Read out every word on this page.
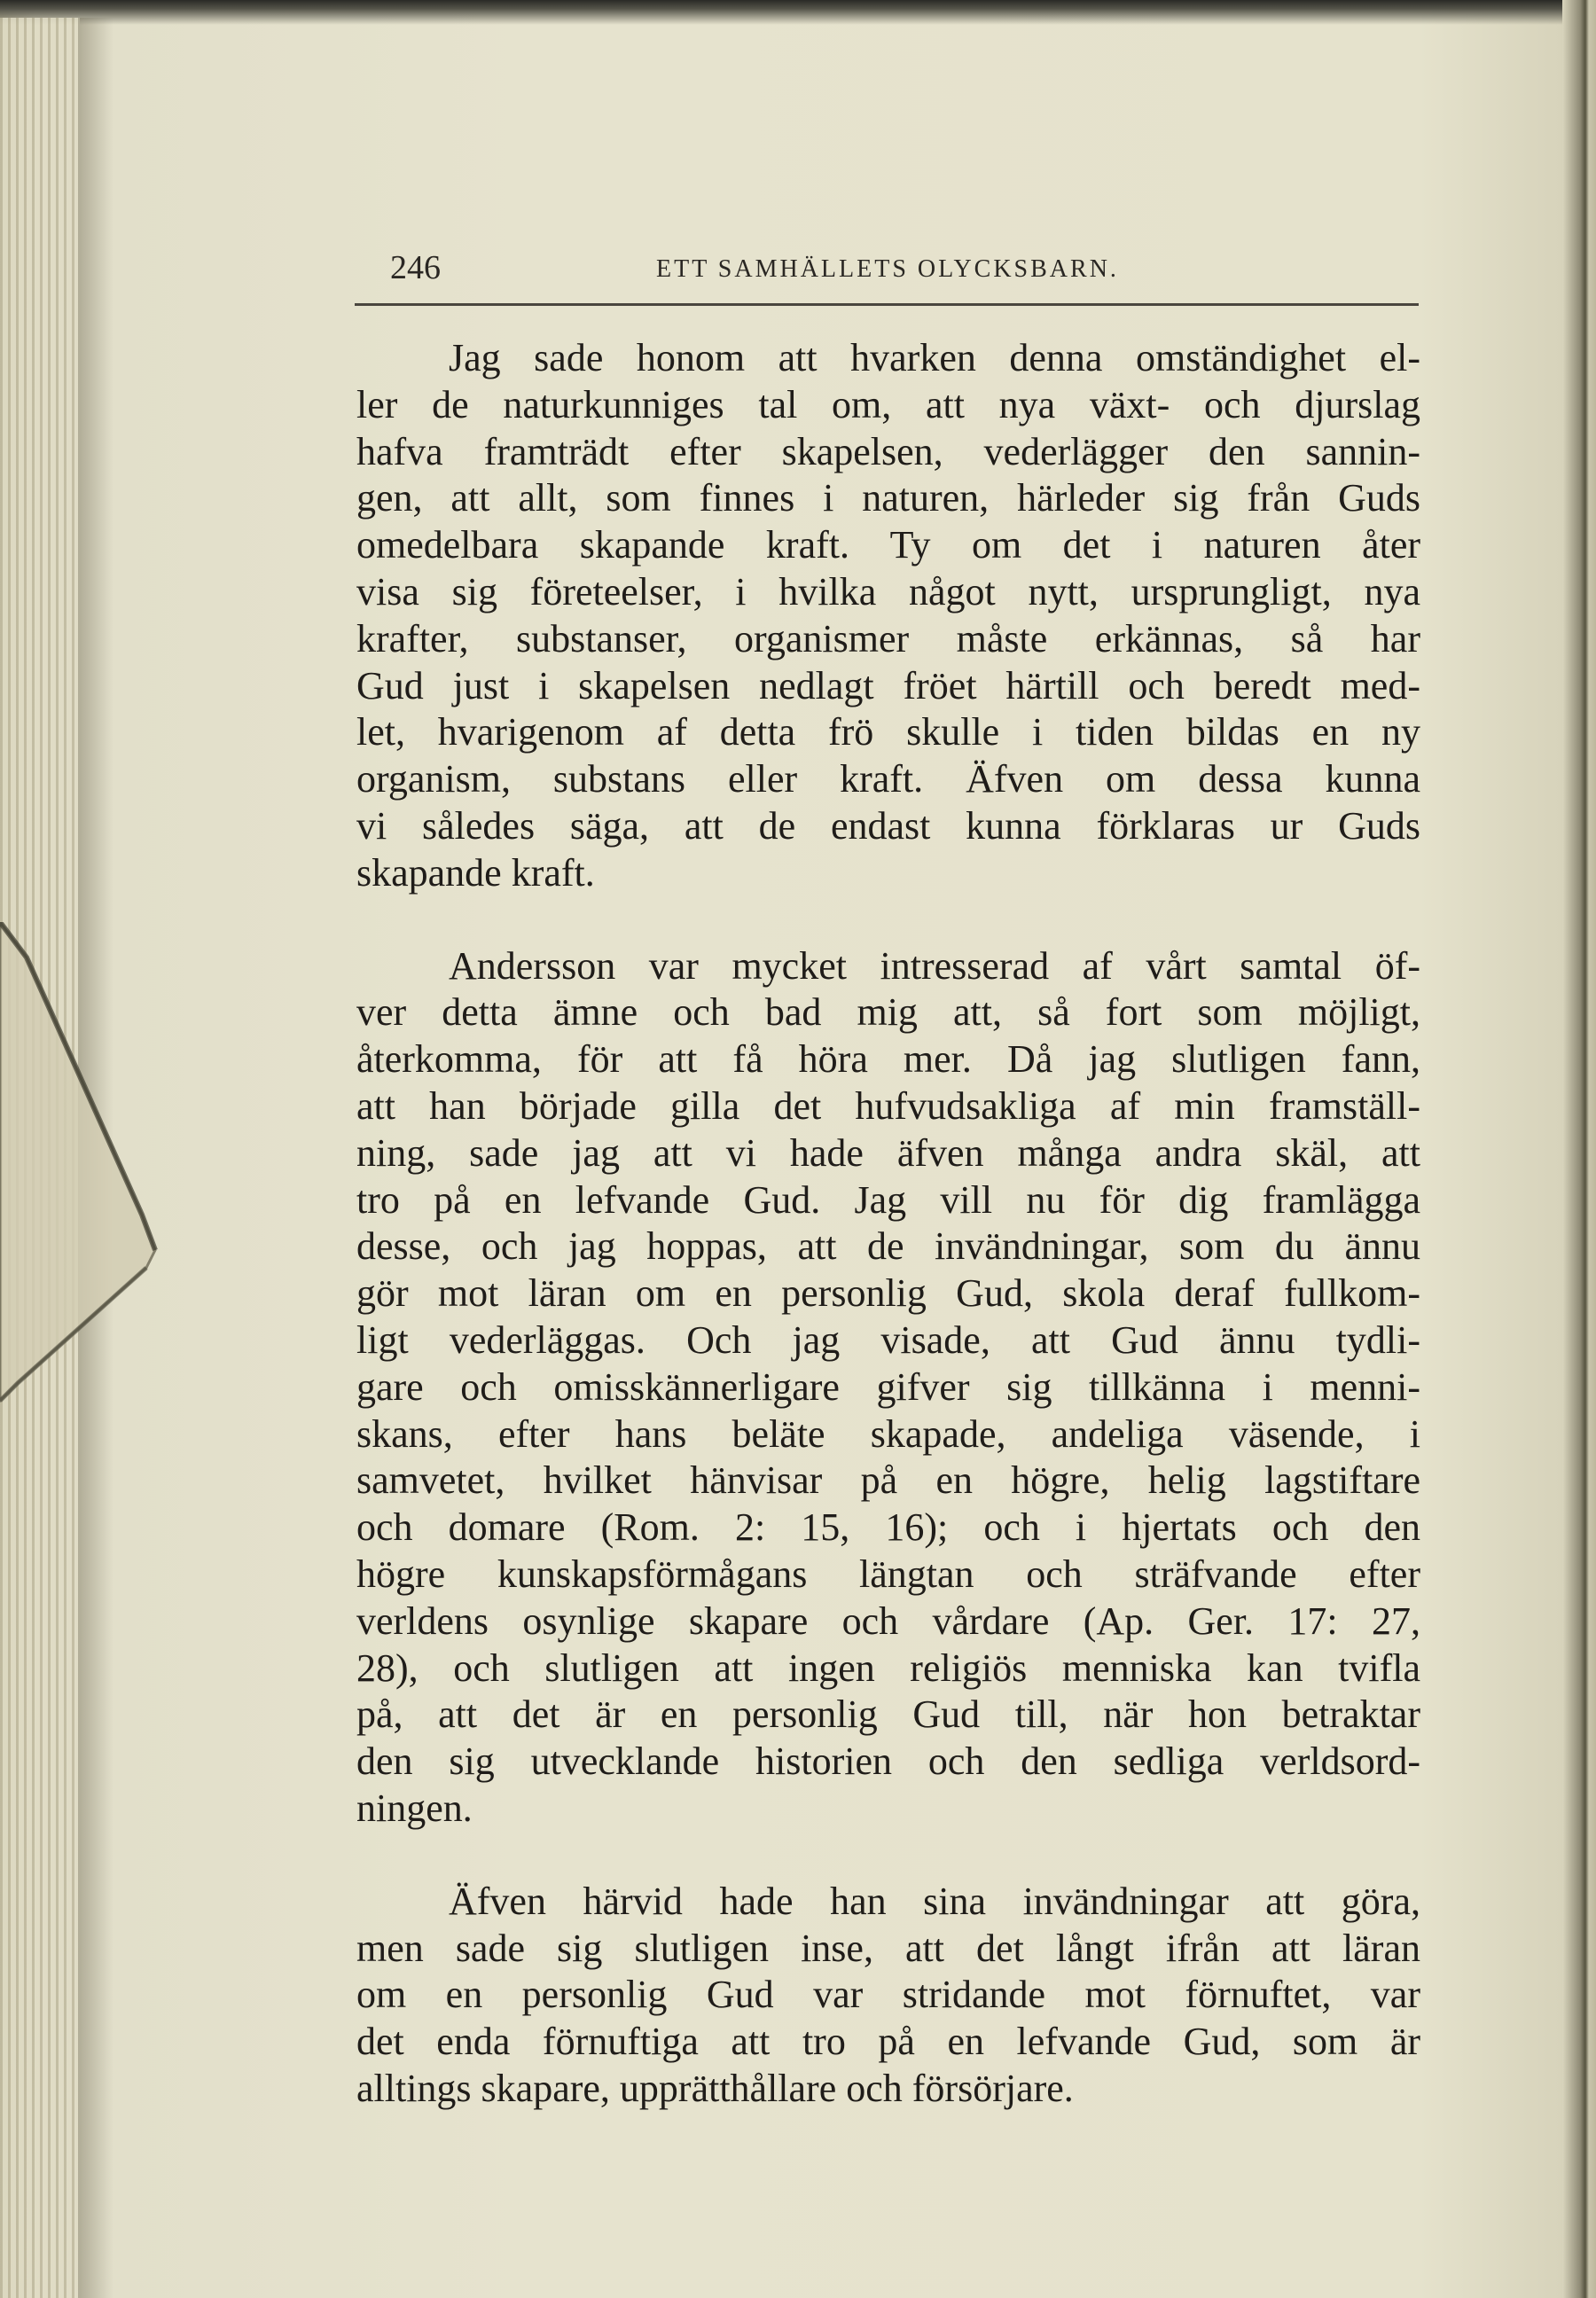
246	ETT SAMHÄLLETS OLYCKSBARN.

Jag sade honom att hvarken denna omständighet el-
ler de naturkunniges tal om, att nya växt- och djurslag
hafva framträdt efter skapelsen, vederlägger den sannin-
gen, att allt, som finnes i naturen, härleder sig från Guds
omedelbara skapande kraft. Ty om det i naturen åter
visa sig företeelser, i hvilka något nytt, ursprungligt, nya
krafter, substanser, organismer måste erkännas, så har
Gud just i skapelsen nedlagt fröet härtill och beredt med-
let, hvarigenom af detta frö skulle i tiden bildas en ny
organism, substans eller kraft. Äfven om dessa kunna
vi således säga, att de endast kunna förklaras ur Guds
skapande kraft.

Andersson var mycket intresserad af vårt samtal öf-
ver detta ämne och bad mig att, så fort som möjligt,
återkomma, för att få höra mer. Då jag slutligen fann,
att han började gilla det hufvudsakliga af min framställ-
ning, sade jag att vi hade äfven många andra skäl, att
tro på en lefvande Gud. Jag vill nu för dig framlägga
desse, och jag hoppas, att de invändningar, som du ännu
gör mot läran om en personlig Gud, skola deraf fullkom-
ligt vederläggas. Och jag visade, att Gud ännu tydli-
gare och omisskännerligare gifver sig tillkänna i menni-
skans, efter hans beläte skapade, andeliga väsende, i
samvetet, hvilket hänvisar på en högre, helig lagstiftare
och domare (Rom. 2: 15, 16); och i hjertats och den
högre kunskapsförmågans längtan och sträfvande efter
verldens osynlige skapare och vårdare (Ap. Ger. 17: 27,
28), och slutligen att ingen religiös menniska kan tvifla
på, att det är en personlig Gud till, när hon betraktar
den sig utvecklande historien och den sedliga verldsord-
ningen.

Äfven härvid hade han sina invändningar att göra,
men sade sig slutligen inse, att det långt ifrån att läran
om en personlig Gud var stridande mot förnuftet, var
det enda förnuftiga att tro på en lefvande Gud, som är
alltings skapare, upprätthållare och försörjare.
